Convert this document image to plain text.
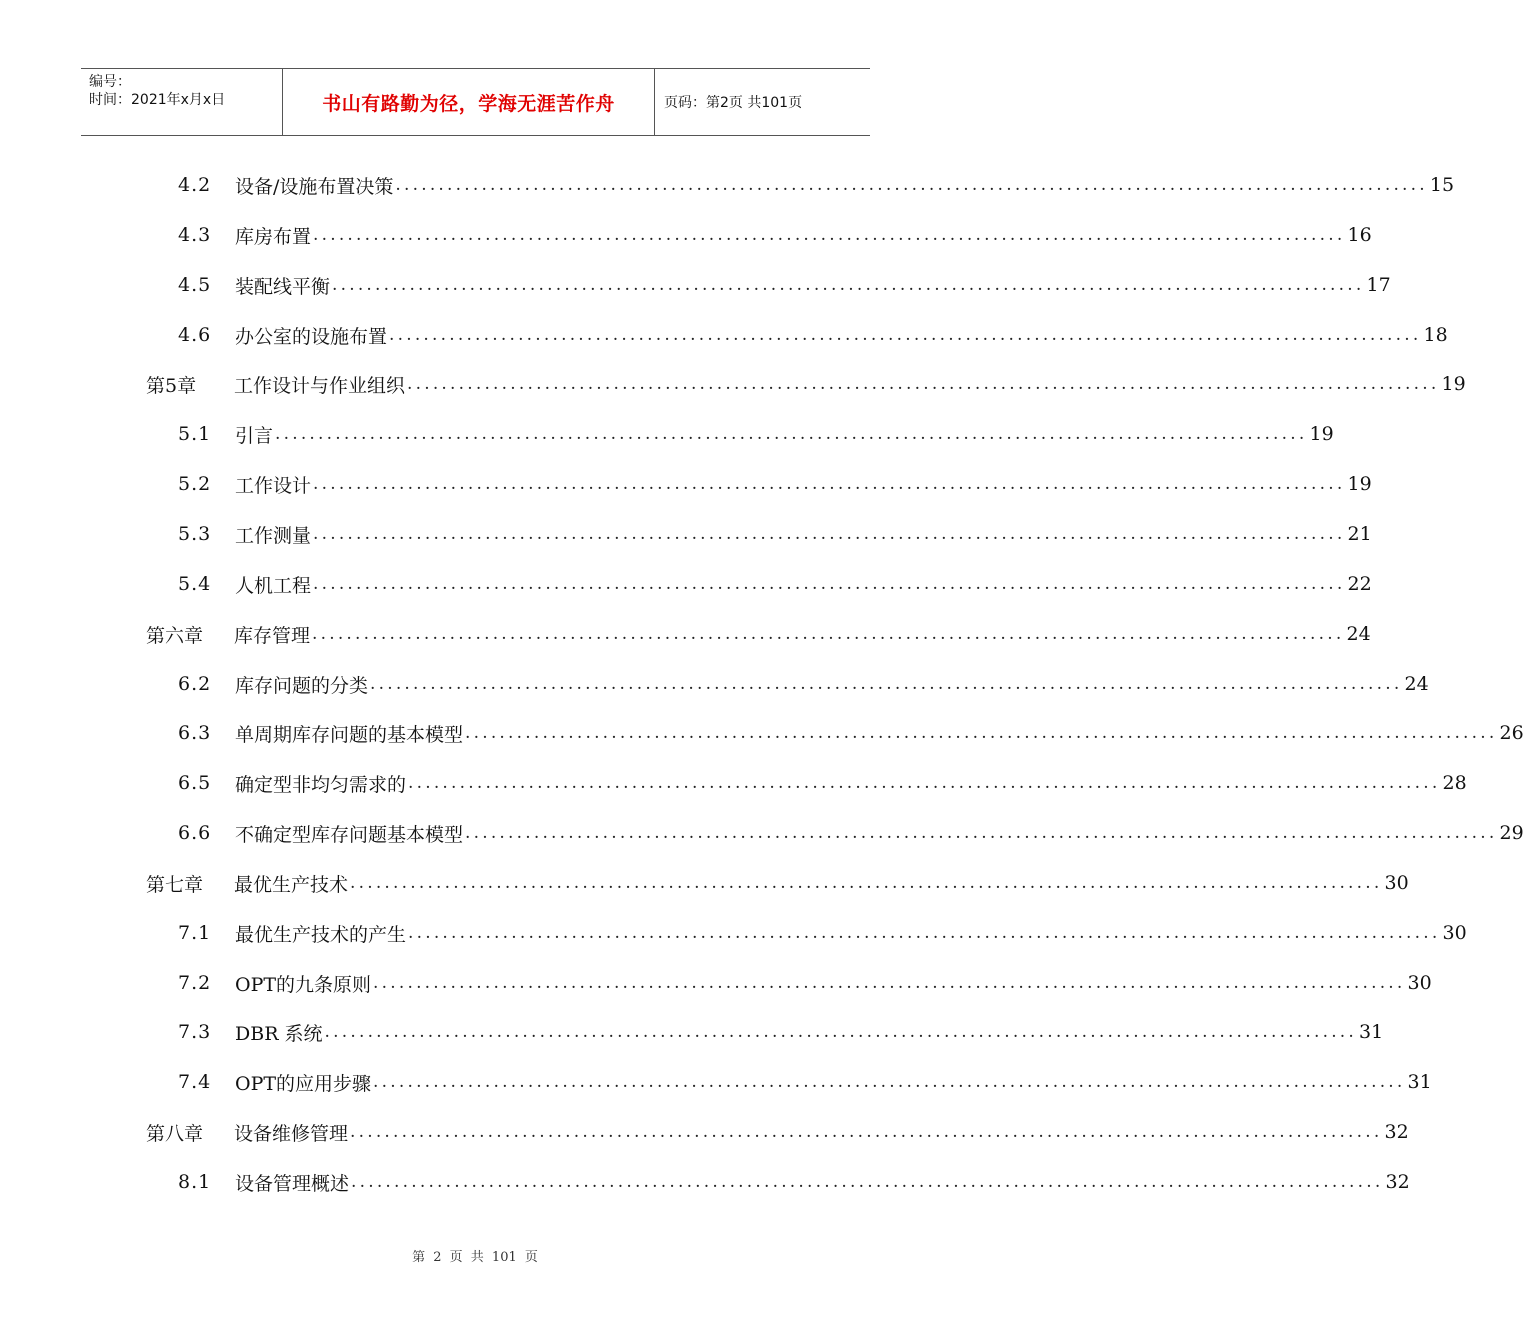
编号：
时间：2021年x月x日	书山有路勤为径，学海无涯苦作舟	页码：第2页 共101页
4.2	设备/设施布置决策 ........................................................................................................................ 15
4.3	库房布置 ........................................................................................................................ 16
4.5	装配线平衡 ........................................................................................................................ 17
4.6	办公室的设施布置 ........................................................................................................................ 18
第5章	工作设计与作业组织 ........................................................................................................................ 19
5.1	引言 ........................................................................................................................ 19
5.2	工作设计 ........................................................................................................................ 19
5.3	工作测量 ........................................................................................................................ 21
5.4	人机工程 ........................................................................................................................ 22
第六章	库存管理 ........................................................................................................................ 24
6.2	库存问题的分类 ........................................................................................................................ 24
6.3	单周期库存问题的基本模型 ........................................................................................................................ 26
6.5	确定型非均匀需求的 ........................................................................................................................ 28
6.6	不确定型库存问题基本模型 ........................................................................................................................ 29
第七章	最优生产技术 ........................................................................................................................ 30
7.1	最优生产技术的产生 ........................................................................................................................ 30
7.2	OPT的九条原则 ........................................................................................................................ 30
7.3	DBR 系统 ........................................................................................................................ 31
7.4	OPT的应用步骤 ........................................................................................................................ 31
第八章	设备维修管理 ........................................................................................................................ 32
8.1	设备管理概述 ........................................................................................................................ 32
第 2 页 共 101 页
